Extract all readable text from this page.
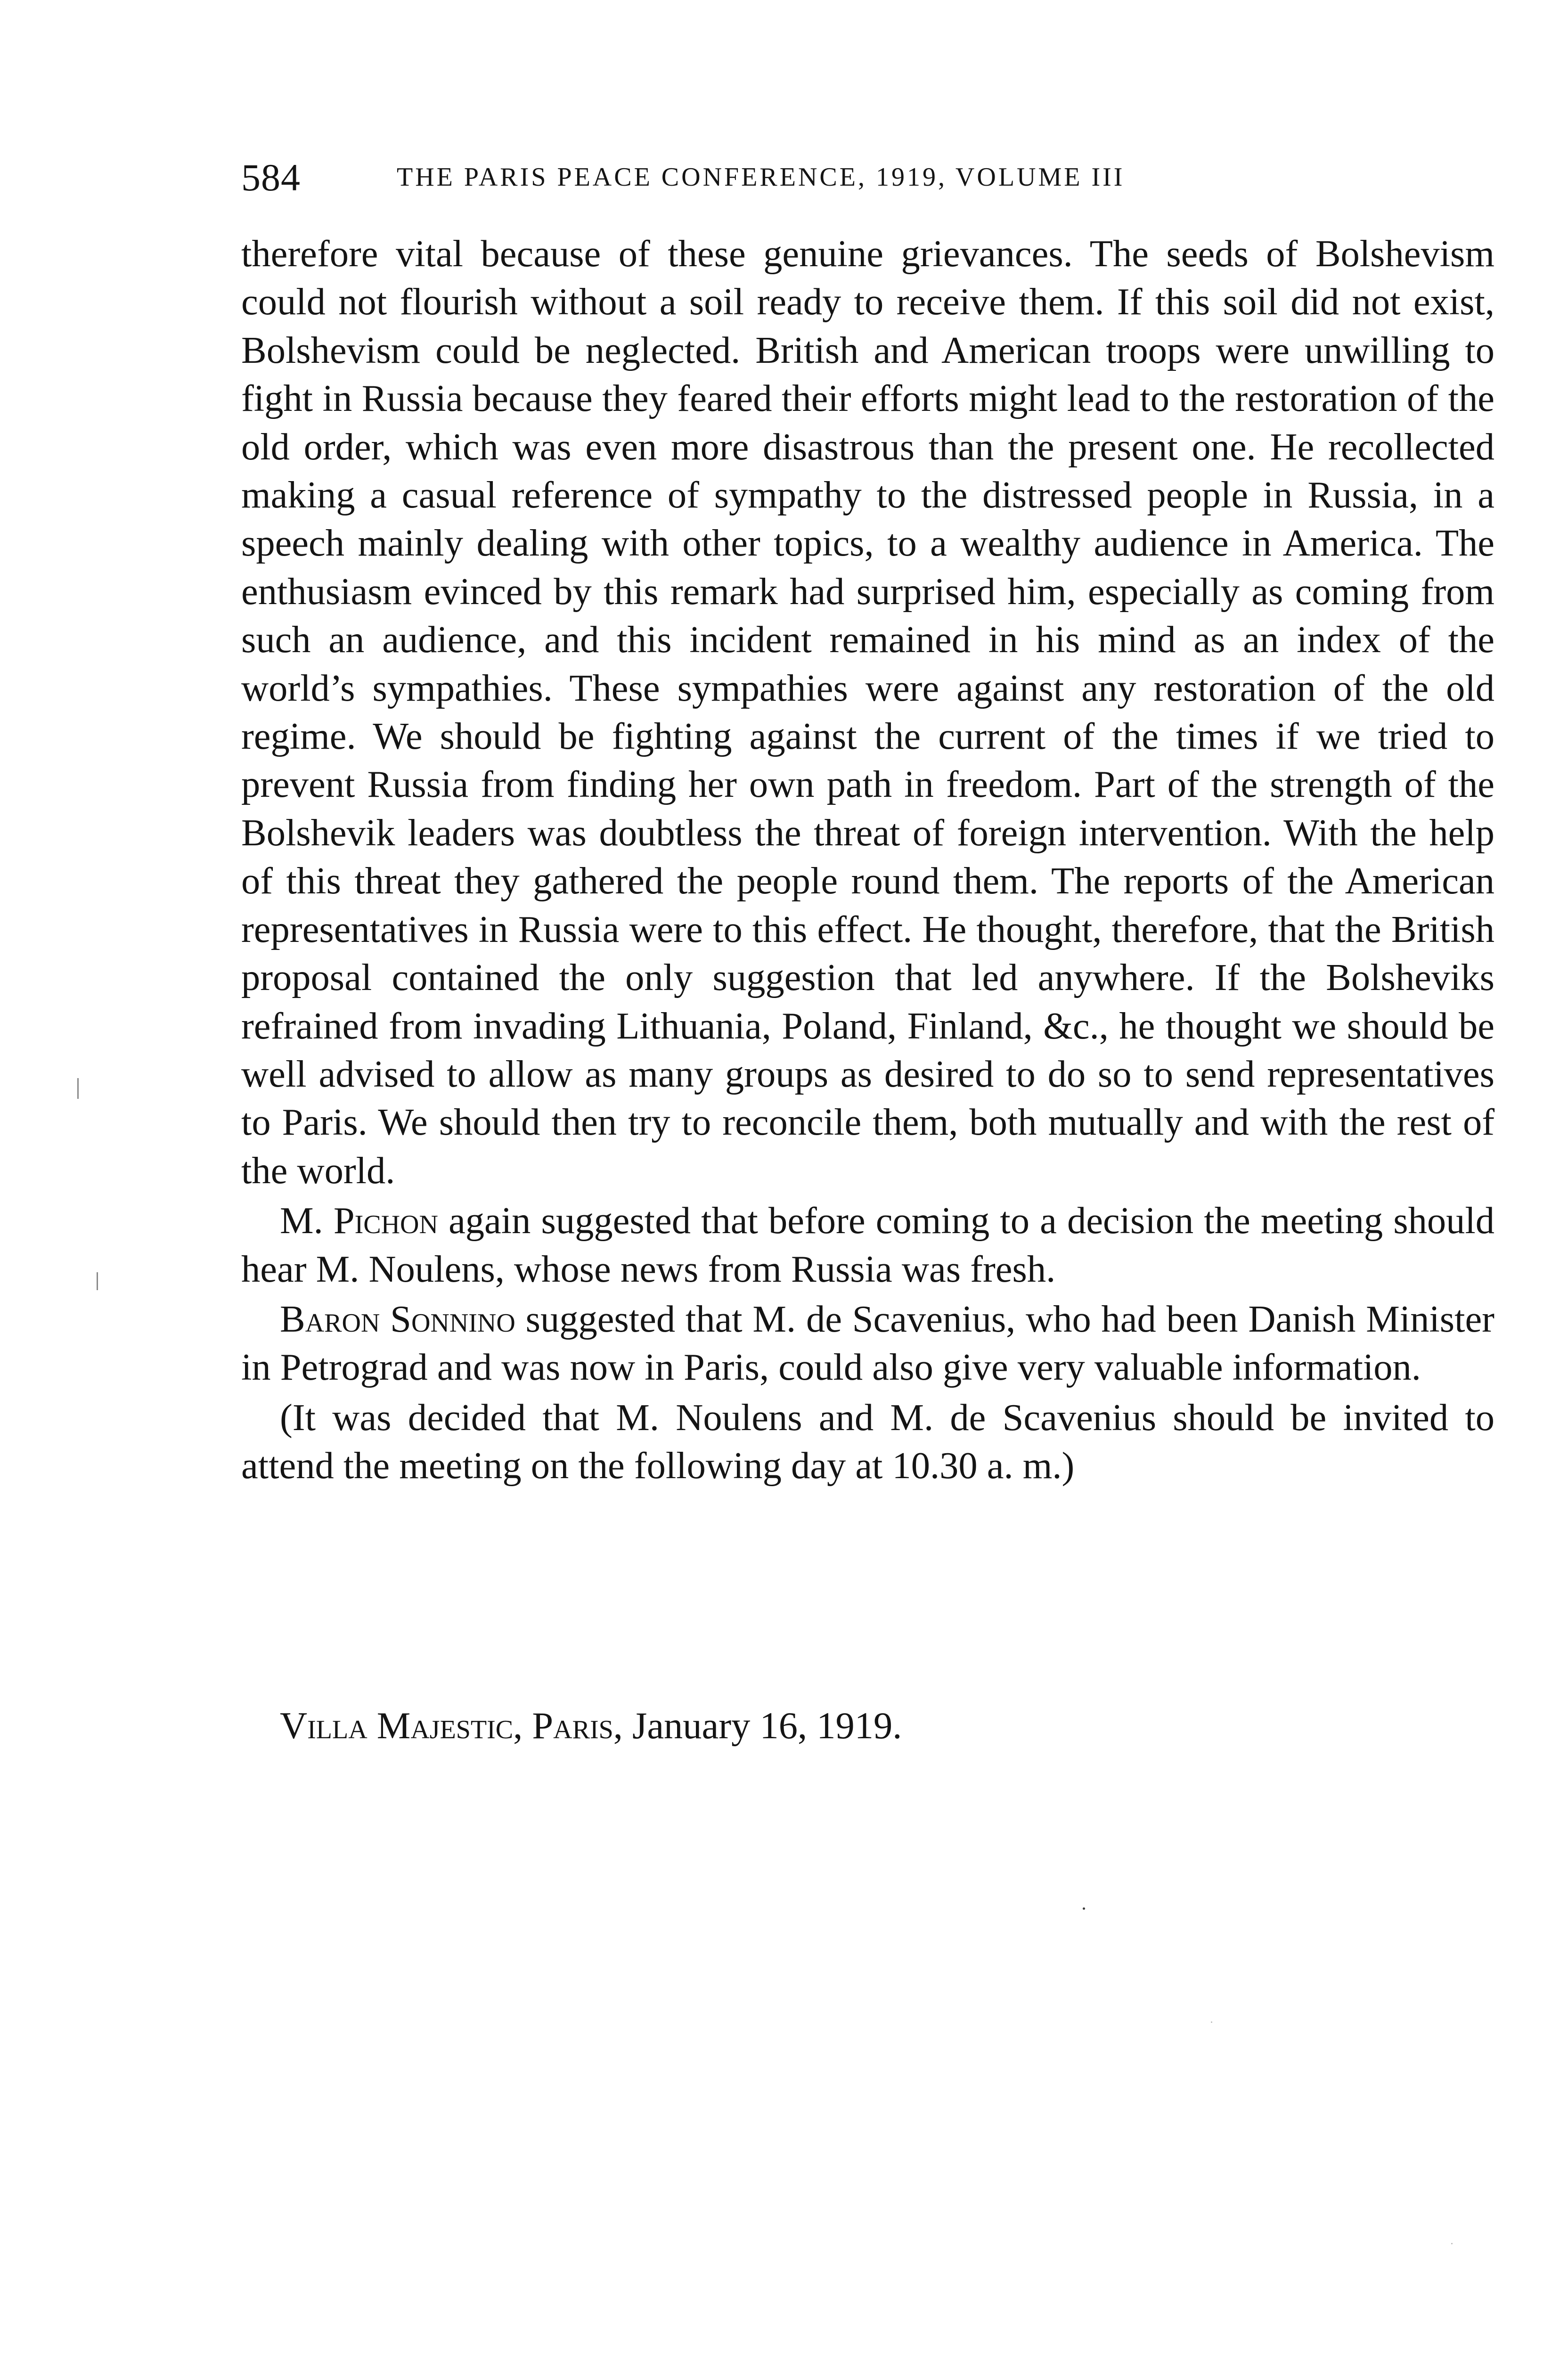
584	THE PARIS PEACE CONFERENCE, 1919, VOLUME III

therefore vital because of these genuine grievances. The seeds of Bolshevism could not flourish without a soil ready to receive them. If this soil did not exist, Bolshevism could be neglected. British and American troops were unwilling to fight in Russia because they feared their efforts might lead to the restoration of the old order, which was even more disastrous than the present one. He recollected making a casual reference of sympathy to the distressed people in Russia, in a speech mainly dealing with other topics, to a wealthy audience in America. The enthusiasm evinced by this remark had surprised him, especially as coming from such an audience, and this incident remained in his mind as an index of the world’s sympathies. These sympathies were against any restoration of the old regime. We should be fighting against the current of the times if we tried to prevent Russia from finding her own path in freedom. Part of the strength of the Bolshevik leaders was doubtless the threat of foreign intervention. With the help of this threat they gathered the people round them. The reports of the American representatives in Russia were to this effect. He thought, therefore, that the British proposal contained the only suggestion that led anywhere. If the Bolsheviks refrained from invading Lithuania, Poland, Finland, &c., he thought we should be well advised to allow as many groups as desired to do so to send representatives to Paris. We should then try to reconcile them, both mutually and with the rest of the world.

M. Pichon again suggested that before coming to a decision the meeting should hear M. Noulens, whose news from Russia was fresh.

Baron Sonnino suggested that M. de Scavenius, who had been Danish Minister in Petrograd and was now in Paris, could also give very valuable information.

(It was decided that M. Noulens and M. de Scavenius should be invited to attend the meeting on the following day at 10.30 a. m.)

Villa Majestic, Paris, January 16, 1919.
